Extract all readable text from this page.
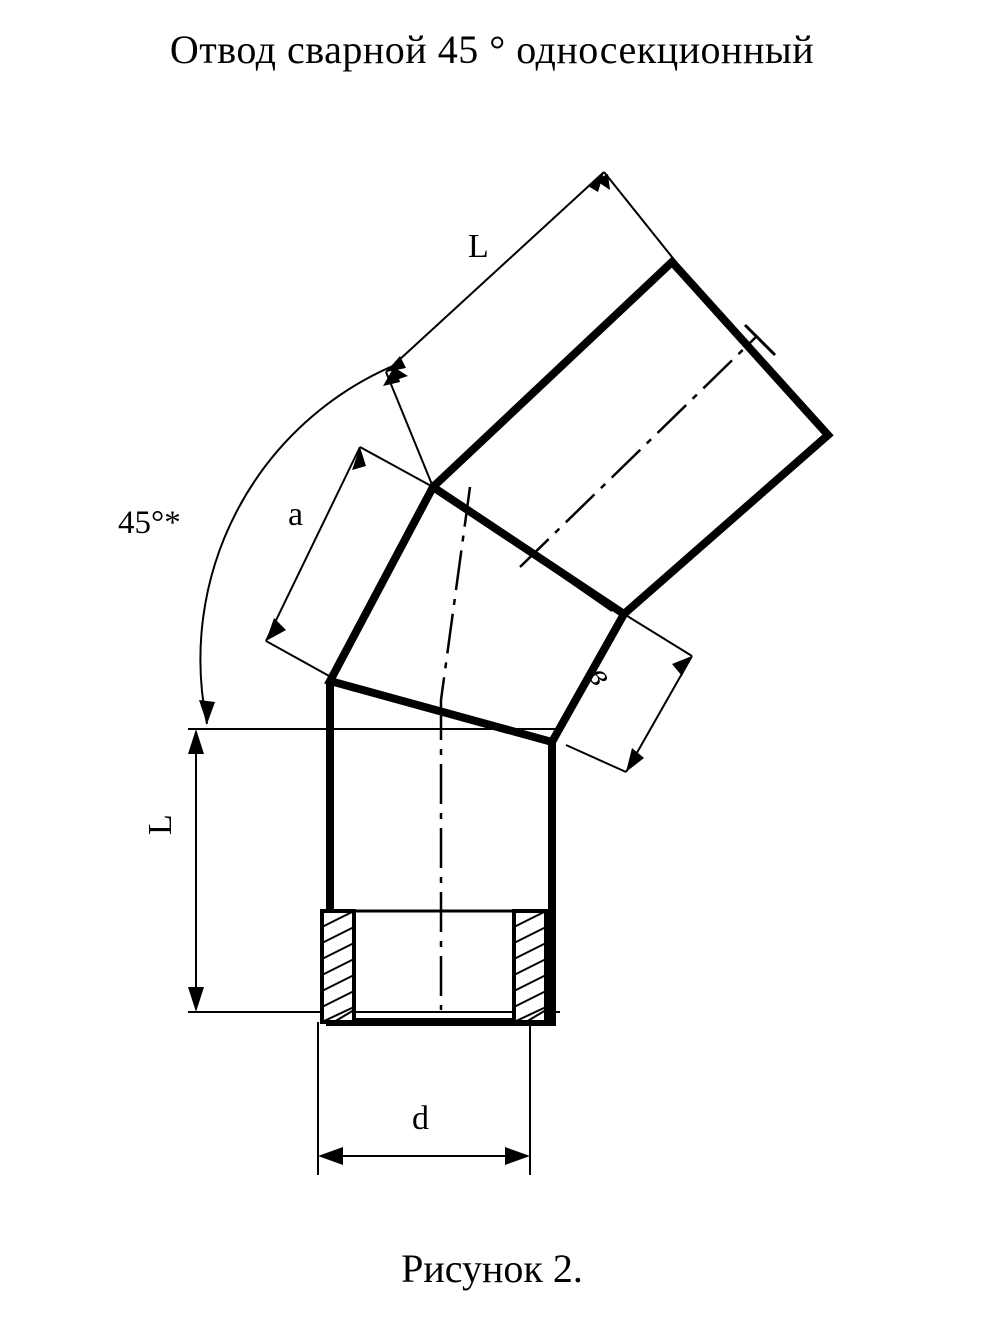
Отвод сварной 45 ° односекционный
45°*
L
a
в
L
d
Рисунок 2.
